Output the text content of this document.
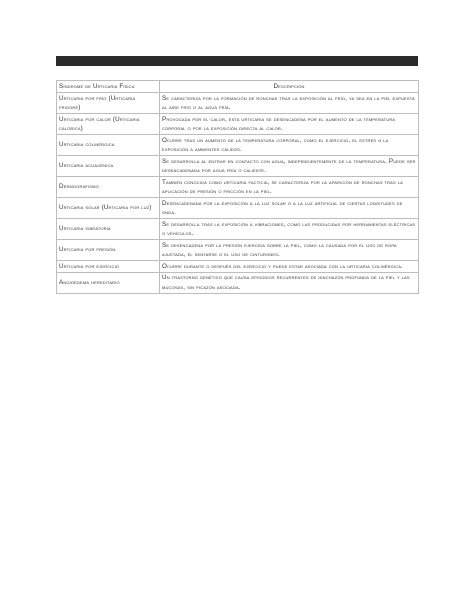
Síndrome de Urticaria Física	Descripción
Urticaria por frío (Urticaria frigore)	Se caracteriza por la formación de ronchas tras la exposición al frío, ya sea en la piel expuesta al aire frío o al agua fría.
Urticaria por calor (Urticaria calorica)	Provocada por el calor, esta urticaria se desencadena por el aumento de la temperatura corporal o por la exposición directa al calor.
Urticaria colinérgica	Ocurre tras un aumento de la temperatura corporal, como el ejercicio, el estrés o la exposición a ambientes cálidos.
Urticaria acuagénica	Se desarrolla al entrar en contacto con agua, independientemente de la temperatura. Puede ser desencadenada por agua fría o caliente.
Dermografismo	También conocida como urticaria facticia, se caracteriza por la aparición de ronchas tras la aplicación de presión o fricción en la piel.
Urticaria solar (Urticaria por luz)	Desencadenada por la exposición a la luz solar o a la luz artificial de ciertas longitudes de onda.
Urticaria vibratoria	Se desarrolla tras la exposición a vibraciones, como las producidas por herramientas eléctricas o vehículos.
Urticaria por presión	Se desencadena por la presión ejercida sobre la piel, como la causada por el uso de ropa ajustada, el sentarse o el uso de cinturones.
Urticaria por ejercicio	Ocurre durante o después del ejercicio y puede estar asociada con la urticaria colinérgica.
Angioedema hereditario	Un trastorno genético que causa episodios recurrentes de hinchazón profunda de la piel y las mucosas, sin picazón asociada.
